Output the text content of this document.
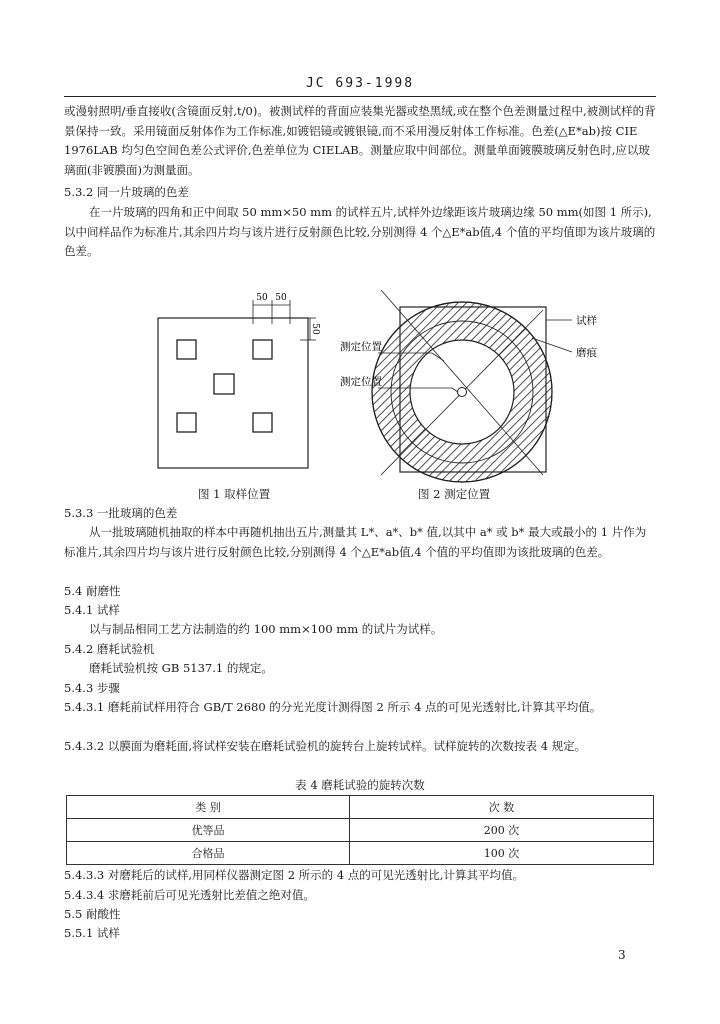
JC 693-1998

或漫射照明/垂直接收(含镜面反射,t/0)。被测试样的背面应装集光器或垫黑绒,或在整个色差测量过程中,被测试样的背景保持一致。采用镜面反射体作为工作标准,如镀铝镜或镀银镜,而不采用漫反射体工作标准。色差(△E*ab)按 CIE 1976LAB 均匀色空间色差公式评价,色差单位为 CIELAB。测量应取中间部位。测量单面镀膜玻璃反射色时,应以玻璃面(非镀膜面)为测量面。

5.3.2 同一片玻璃的色差

在一片玻璃的四角和正中间取 50 mm×50 mm 的试样五片,试样外边缘距该片玻璃边缘 50 mm(如图 1 所示),以中间样品作为标准片,其余四片均与该片进行反射颜色比较,分别测得 4 个△E*ab值,4 个值的平均值即为该片玻璃的色差。

50 50
50
图 1 取样位置
试样
磨痕
测定位置
测定位置
图 2 测定位置
5.3.3 一批玻璃的色差

从一批玻璃随机抽取的样本中再随机抽出五片,测量其 L*、a*、b* 值,以其中 a* 或 b* 最大或最小的 1 片作为标准片,其余四片均与该片进行反射颜色比较,分别测得 4 个△E*ab值,4 个值的平均值即为该批玻璃的色差。

5.4 耐磨性
5.4.1 试样

以与制品相同工艺方法制造的约 100 mm×100 mm 的试片为试样。

5.4.2 磨耗试验机

磨耗试验机按 GB 5137.1 的规定。

5.4.3 步骤

5.4.3.1 磨耗前试样用符合 GB/T 2680 的分光光度计测得图 2 所示 4 点的可见光透射比,计算其平均值。

5.4.3.2 以膜面为磨耗面,将试样安装在磨耗试验机的旋转台上旋转试样。试样旋转的次数按表 4 规定。

表 4 磨耗试验的旋转次数
类 别	次 数
优等品	200 次
合格品	100 次

5.4.3.3 对磨耗后的试样,用同样仪器测定图 2 所示的 4 点的可见光透射比,计算其平均值。

5.4.3.4 求磨耗前后可见光透射比差值之绝对值。

5.5 耐酸性
5.5.1 试样
3
